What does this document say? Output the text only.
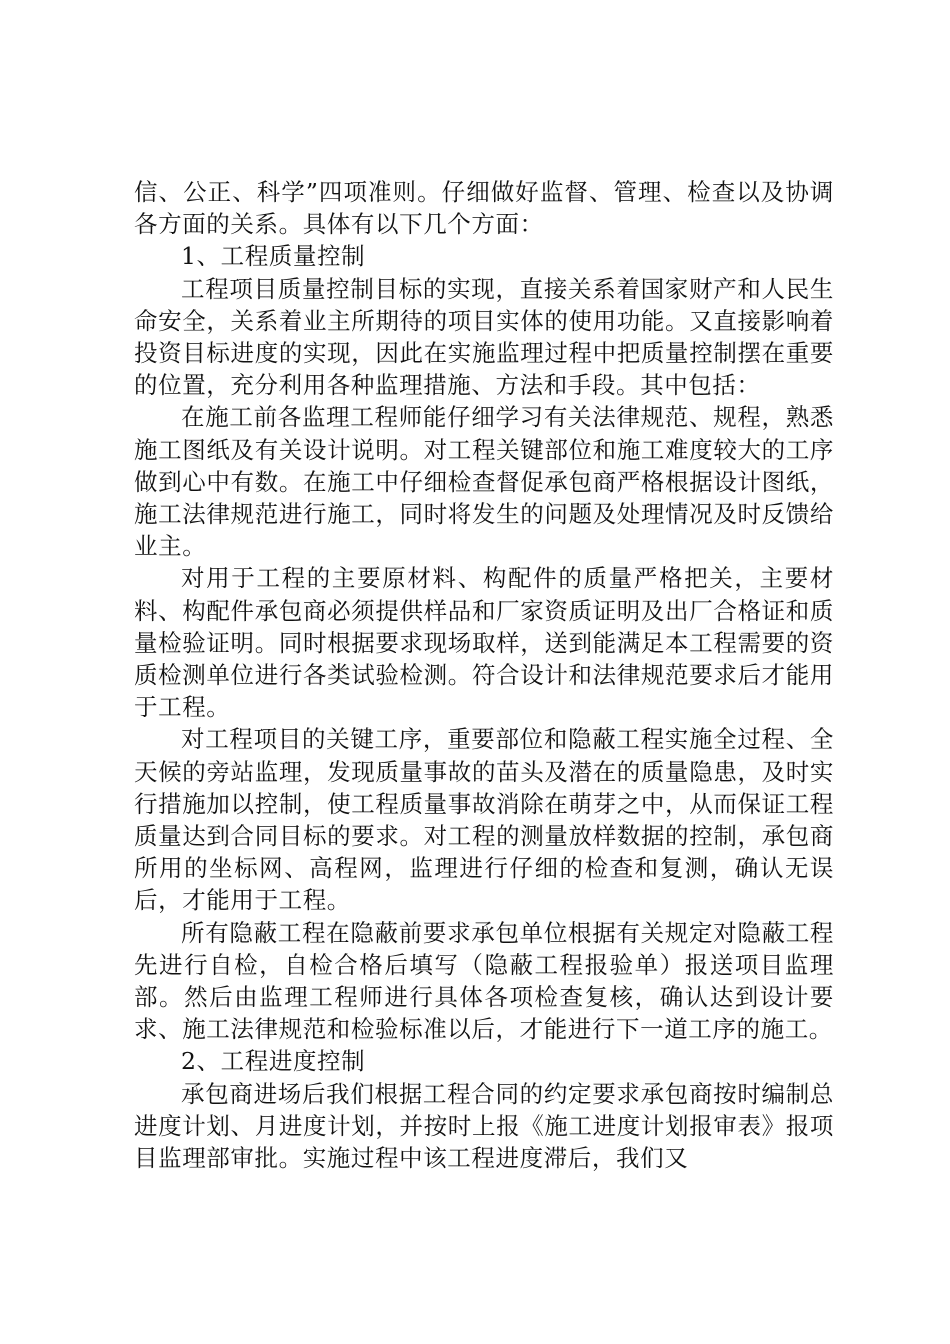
信、公正、科学”四项准则。仔细做好监督、管理、检查以及协调各方面的关系。具体有以下几个方面：

1、工程质量控制

工程项目质量控制目标的实现，直接关系着国家财产和人民生命安全，关系着业主所期待的项目实体的使用功能。又直接影响着投资目标进度的实现，因此在实施监理过程中把质量控制摆在重要的位置，充分利用各种监理措施、方法和手段。其中包括：

在施工前各监理工程师能仔细学习有关法律规范、规程，熟悉施工图纸及有关设计说明。对工程关键部位和施工难度较大的工序做到心中有数。在施工中仔细检查督促承包商严格根据设计图纸，施工法律规范进行施工，同时将发生的问题及处理情况及时反馈给业主。

对用于工程的主要原材料、构配件的质量严格把关，主要材料、构配件承包商必须提供样品和厂家资质证明及出厂合格证和质量检验证明。同时根据要求现场取样，送到能满足本工程需要的资质检测单位进行各类试验检测。符合设计和法律规范要求后才能用于工程。

对工程项目的关键工序，重要部位和隐蔽工程实施全过程、全天候的旁站监理，发现质量事故的苗头及潜在的质量隐患，及时实行措施加以控制，使工程质量事故消除在萌芽之中，从而保证工程质量达到合同目标的要求。对工程的测量放样数据的控制，承包商所用的坐标网、高程网，监理进行仔细的检查和复测，确认无误后，才能用于工程。

所有隐蔽工程在隐蔽前要求承包单位根据有关规定对隐蔽工程先进行自检，自检合格后填写（隐蔽工程报验单）报送项目监理部。然后由监理工程师进行具体各项检查复核，确认达到设计要求、施工法律规范和检验标准以后，才能进行下一道工序的施工。

2、工程进度控制

承包商进场后我们根据工程合同的约定要求承包商按时编制总进度计划、月进度计划，并按时上报《施工进度计划报审表》报项目监理部审批。实施过程中该工程进度滞后，我们又
